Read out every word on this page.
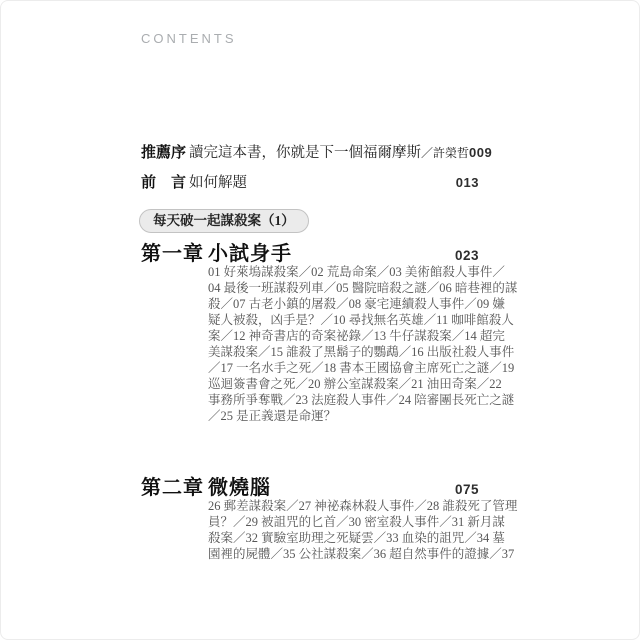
CONTENTS
推薦序 讀完這本書，你就是下一個福爾摩斯 ／許榮哲 009
前　言 如何解題	013
每天破一起謀殺案（1）
第一章 小試身手	023
01 好萊塢謀殺案／02 荒島命案／03 美術館殺人事件／
04 最後一班謀殺列車／05 醫院暗殺之謎／06 暗巷裡的謀
殺／07 古老小鎮的屠殺／08 豪宅連續殺人事件／09 嫌
疑人被殺，凶手是？／10 尋找無名英雄／11 咖啡館殺人
案／12 神奇書店的奇案祕錄／13 牛仔謀殺案／14 超完
美謀殺案／15 誰殺了黑鬍子的鸚鵡／16 出版社殺人事件
／17 一名水手之死／18 書本王國協會主席死亡之謎／19
巡迴簽書會之死／20 辦公室謀殺案／21 油田奇案／22
事務所爭奪戰／23 法庭殺人事件／24 陪審團長死亡之謎
／25 是正義還是命運？
第二章 微燒腦	075
26 郵差謀殺案／27 神祕森林殺人事件／28 誰殺死了管理
員？／29 被詛咒的匕首／30 密室殺人事件／31 新月謀
殺案／32 實驗室助理之死疑雲／33 血染的詛咒／34 墓
園裡的屍體／35 公社謀殺案／36 超自然事件的證據／37
